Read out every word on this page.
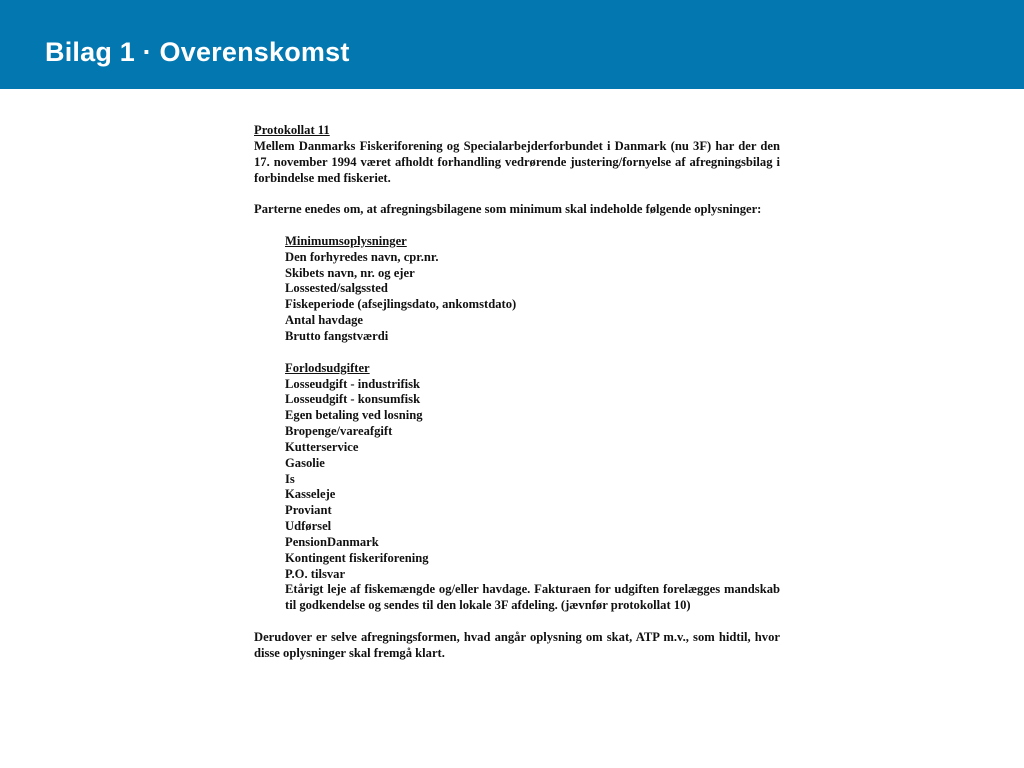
Bilag 1 · Overenskomst

Protokollat 11

Mellem Danmarks Fiskeriforening og Specialarbejderforbundet i Danmark (nu 3F) har der den 17. november 1994 været afholdt forhandling vedrørende justering/fornyelse af afregningsbilag i forbindelse med fiskeriet.

Parterne enedes om, at afregningsbilagene som minimum skal indeholde følgende oplysninger:

Minimumsoplysninger

Den forhyredes navn, cpr.nr.

Skibets navn, nr. og ejer

Lossested/salgssted

Fiskeperiode (afsejlingsdato, ankomstdato)

Antal havdage

Brutto fangstværdi

Forlodsudgifter

Losseudgift - industrifisk

Losseudgift - konsumfisk

Egen betaling ved losning

Bropenge/vareafgift

Kutterservice

Gasolie

Is

Kasseleje

Proviant

Udførsel

PensionDanmark

Kontingent fiskeriforening

P.O. tilsvar

Etårigt leje af fiskemængde og/eller havdage. Fakturaen for udgiften forelægges mandskab til godkendelse og sendes til den lokale 3F afdeling. (jævnfør protokollat 10)

Derudover er selve afregningsformen, hvad angår oplysning om skat, ATP m.v., som hidtil, hvor disse oplysninger skal fremgå klart.
